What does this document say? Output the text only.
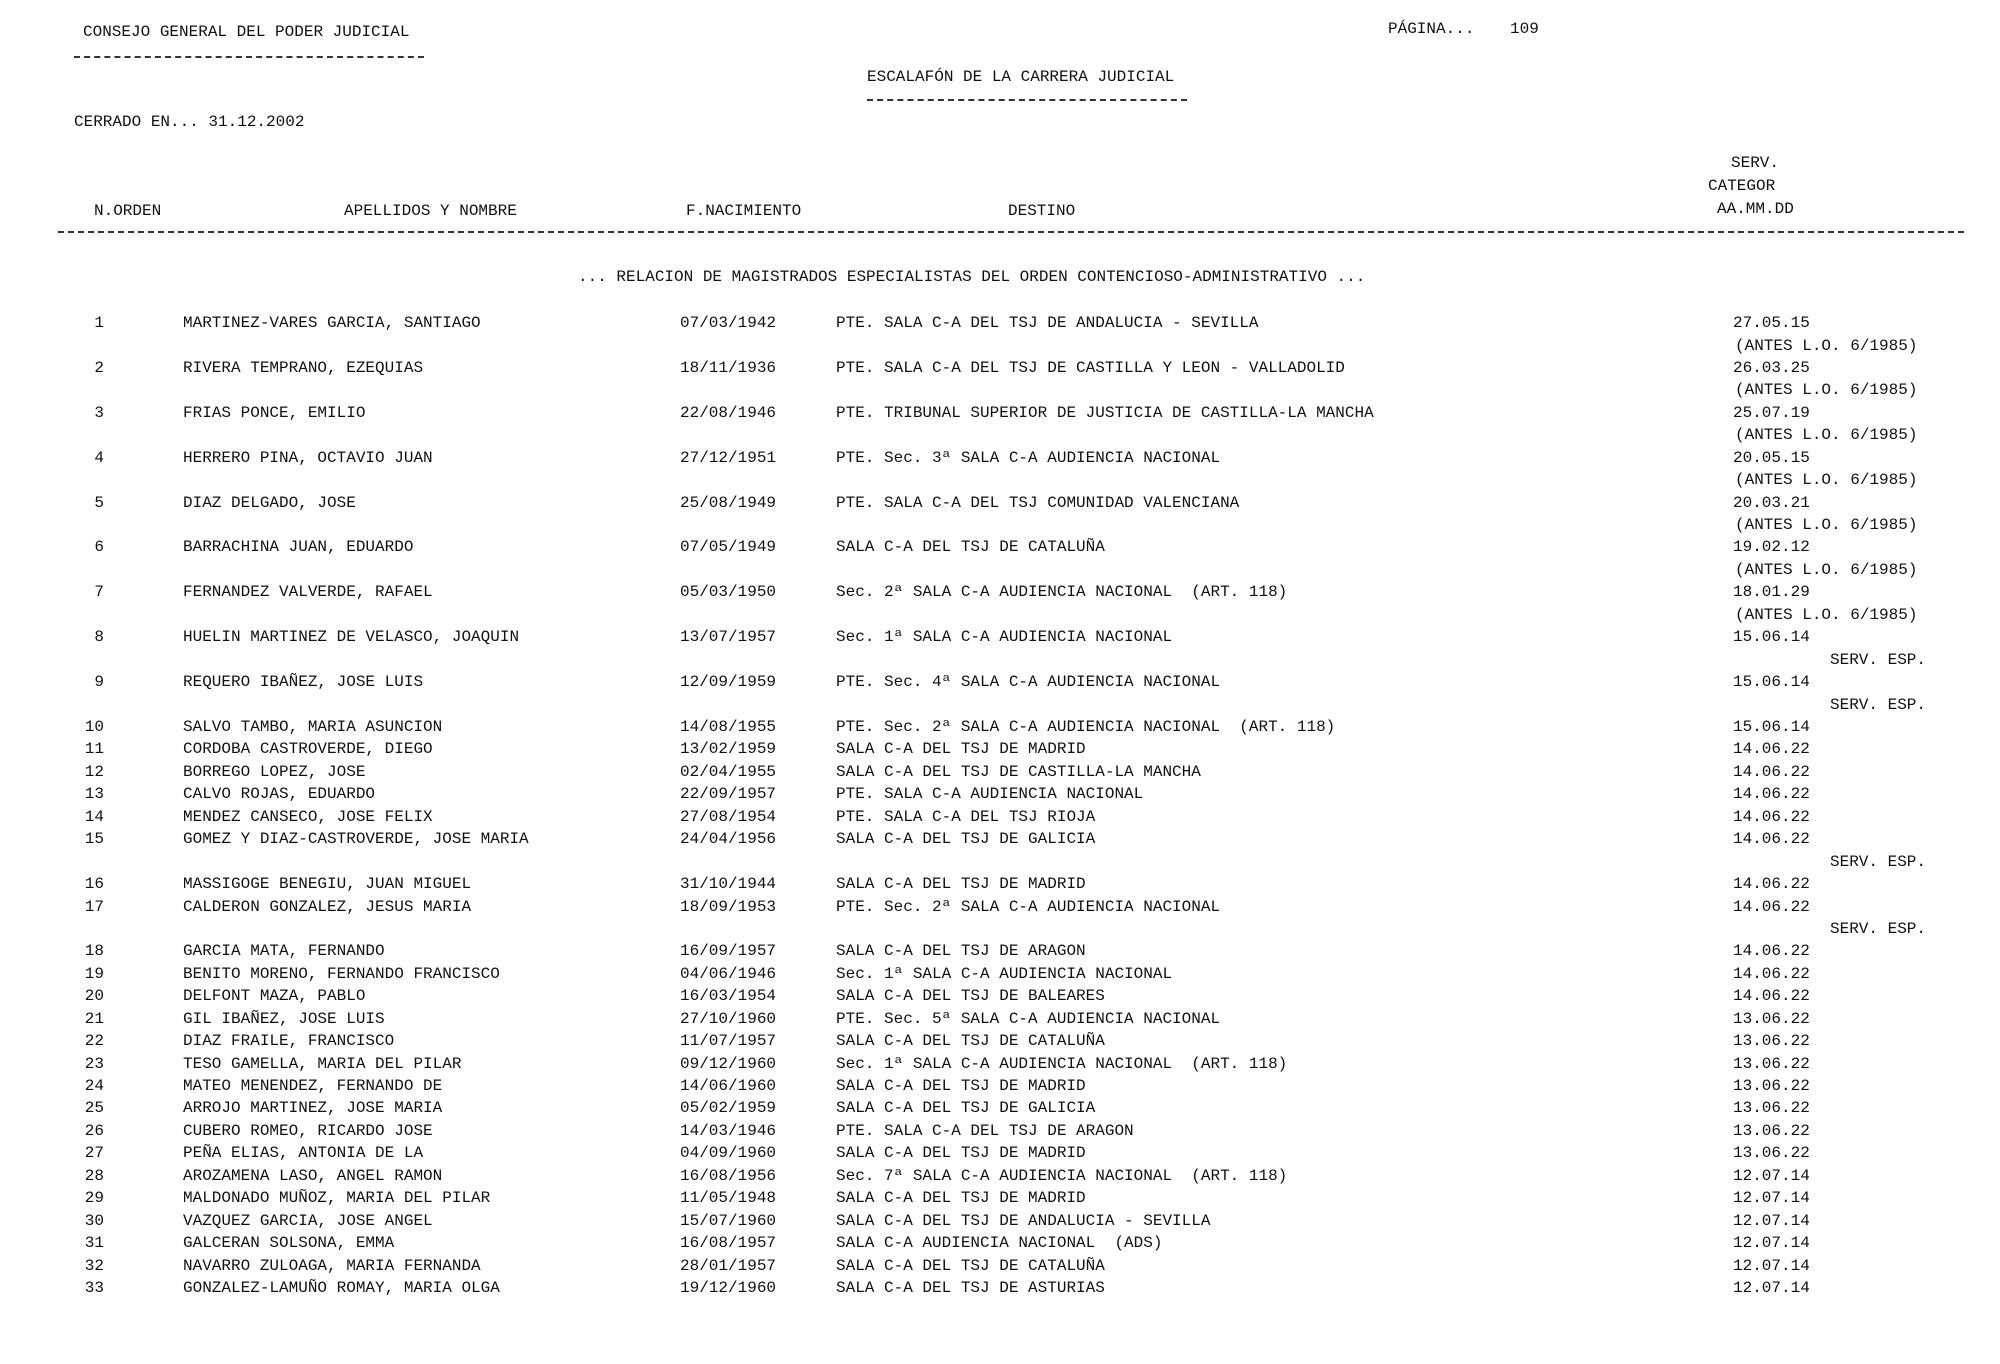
CONSEJO GENERAL DEL PODER JUDICIAL	PÁGINA... 109
ESCALAFÓN DE LA CARRERA JUDICIAL
CERRADO EN... 31.12.2002
SERV.
CATEGOR
AA.MM.DD
N.ORDEN	APELLIDOS Y NOMBRE	F.NACIMIENTO	DESTINO
... RELACION DE MAGISTRADOS ESPECIALISTAS DEL ORDEN CONTENCIOSO-ADMINISTRATIVO ...
1	MARTINEZ-VARES GARCIA, SANTIAGO	07/03/1942	PTE. SALA C-A DEL TSJ DE ANDALUCIA - SEVILLA	27.05.15
(ANTES L.O. 6/1985)
2	RIVERA TEMPRANO, EZEQUIAS	18/11/1936	PTE. SALA C-A DEL TSJ DE CASTILLA Y LEON - VALLADOLID	26.03.25
(ANTES L.O. 6/1985)
3	FRIAS PONCE, EMILIO	22/08/1946	PTE. TRIBUNAL SUPERIOR DE JUSTICIA DE CASTILLA-LA MANCHA	25.07.19
(ANTES L.O. 6/1985)
4	HERRERO PINA, OCTAVIO JUAN	27/12/1951	PTE. Sec. 3ª SALA C-A AUDIENCIA NACIONAL	20.05.15
(ANTES L.O. 6/1985)
5	DIAZ DELGADO, JOSE	25/08/1949	PTE. SALA C-A DEL TSJ COMUNIDAD VALENCIANA	20.03.21
(ANTES L.O. 6/1985)
6	BARRACHINA JUAN, EDUARDO	07/05/1949	SALA C-A DEL TSJ DE CATALUÑA	19.02.12
(ANTES L.O. 6/1985)
7	FERNANDEZ VALVERDE, RAFAEL	05/03/1950	Sec. 2ª SALA C-A AUDIENCIA NACIONAL  (ART. 118)	18.01.29
(ANTES L.O. 6/1985)
8	HUELIN MARTINEZ DE VELASCO, JOAQUIN	13/07/1957	Sec. 1ª SALA C-A AUDIENCIA NACIONAL	15.06.14
SERV. ESP.
9	REQUERO IBAÑEZ, JOSE LUIS	12/09/1959	PTE. Sec. 4ª SALA C-A AUDIENCIA NACIONAL	15.06.14
SERV. ESP.
10	SALVO TAMBO, MARIA ASUNCION	14/08/1955	PTE. Sec. 2ª SALA C-A AUDIENCIA NACIONAL  (ART. 118)	15.06.14
11	CORDOBA CASTROVERDE, DIEGO	13/02/1959	SALA C-A DEL TSJ DE MADRID	14.06.22
12	BORREGO LOPEZ, JOSE	02/04/1955	SALA C-A DEL TSJ DE CASTILLA-LA MANCHA	14.06.22
13	CALVO ROJAS, EDUARDO	22/09/1957	PTE. SALA C-A AUDIENCIA NACIONAL	14.06.22
14	MENDEZ CANSECO, JOSE FELIX	27/08/1954	PTE. SALA C-A DEL TSJ RIOJA	14.06.22
15	GOMEZ Y DIAZ-CASTROVERDE, JOSE MARIA	24/04/1956	SALA C-A DEL TSJ DE GALICIA	14.06.22
SERV. ESP.
16	MASSIGOGE BENEGIU, JUAN MIGUEL	31/10/1944	SALA C-A DEL TSJ DE MADRID	14.06.22
17	CALDERON GONZALEZ, JESUS MARIA	18/09/1953	PTE. Sec. 2ª SALA C-A AUDIENCIA NACIONAL	14.06.22
SERV. ESP.
18	GARCIA MATA, FERNANDO	16/09/1957	SALA C-A DEL TSJ DE ARAGON	14.06.22
19	BENITO MORENO, FERNANDO FRANCISCO	04/06/1946	Sec. 1ª SALA C-A AUDIENCIA NACIONAL	14.06.22
20	DELFONT MAZA, PABLO	16/03/1954	SALA C-A DEL TSJ DE BALEARES	14.06.22
21	GIL IBAÑEZ, JOSE LUIS	27/10/1960	PTE. Sec. 5ª SALA C-A AUDIENCIA NACIONAL	13.06.22
22	DIAZ FRAILE, FRANCISCO	11/07/1957	SALA C-A DEL TSJ DE CATALUÑA	13.06.22
23	TESO GAMELLA, MARIA DEL PILAR	09/12/1960	Sec. 1ª SALA C-A AUDIENCIA NACIONAL  (ART. 118)	13.06.22
24	MATEO MENENDEZ, FERNANDO DE	14/06/1960	SALA C-A DEL TSJ DE MADRID	13.06.22
25	ARROJO MARTINEZ, JOSE MARIA	05/02/1959	SALA C-A DEL TSJ DE GALICIA	13.06.22
26	CUBERO ROMEO, RICARDO JOSE	14/03/1946	PTE. SALA C-A DEL TSJ DE ARAGON	13.06.22
27	PEÑA ELIAS, ANTONIA DE LA	04/09/1960	SALA C-A DEL TSJ DE MADRID	13.06.22
28	AROZAMENA LASO, ANGEL RAMON	16/08/1956	Sec. 7ª SALA C-A AUDIENCIA NACIONAL  (ART. 118)	12.07.14
29	MALDONADO MUÑOZ, MARIA DEL PILAR	11/05/1948	SALA C-A DEL TSJ DE MADRID	12.07.14
30	VAZQUEZ GARCIA, JOSE ANGEL	15/07/1960	SALA C-A DEL TSJ DE ANDALUCIA - SEVILLA	12.07.14
31	GALCERAN SOLSONA, EMMA	16/08/1957	SALA C-A AUDIENCIA NACIONAL  (ADS)	12.07.14
32	NAVARRO ZULOAGA, MARIA FERNANDA	28/01/1957	SALA C-A DEL TSJ DE CATALUÑA	12.07.14
33	GONZALEZ-LAMUÑO ROMAY, MARIA OLGA	19/12/1960	SALA C-A DEL TSJ DE ASTURIAS	12.07.14
